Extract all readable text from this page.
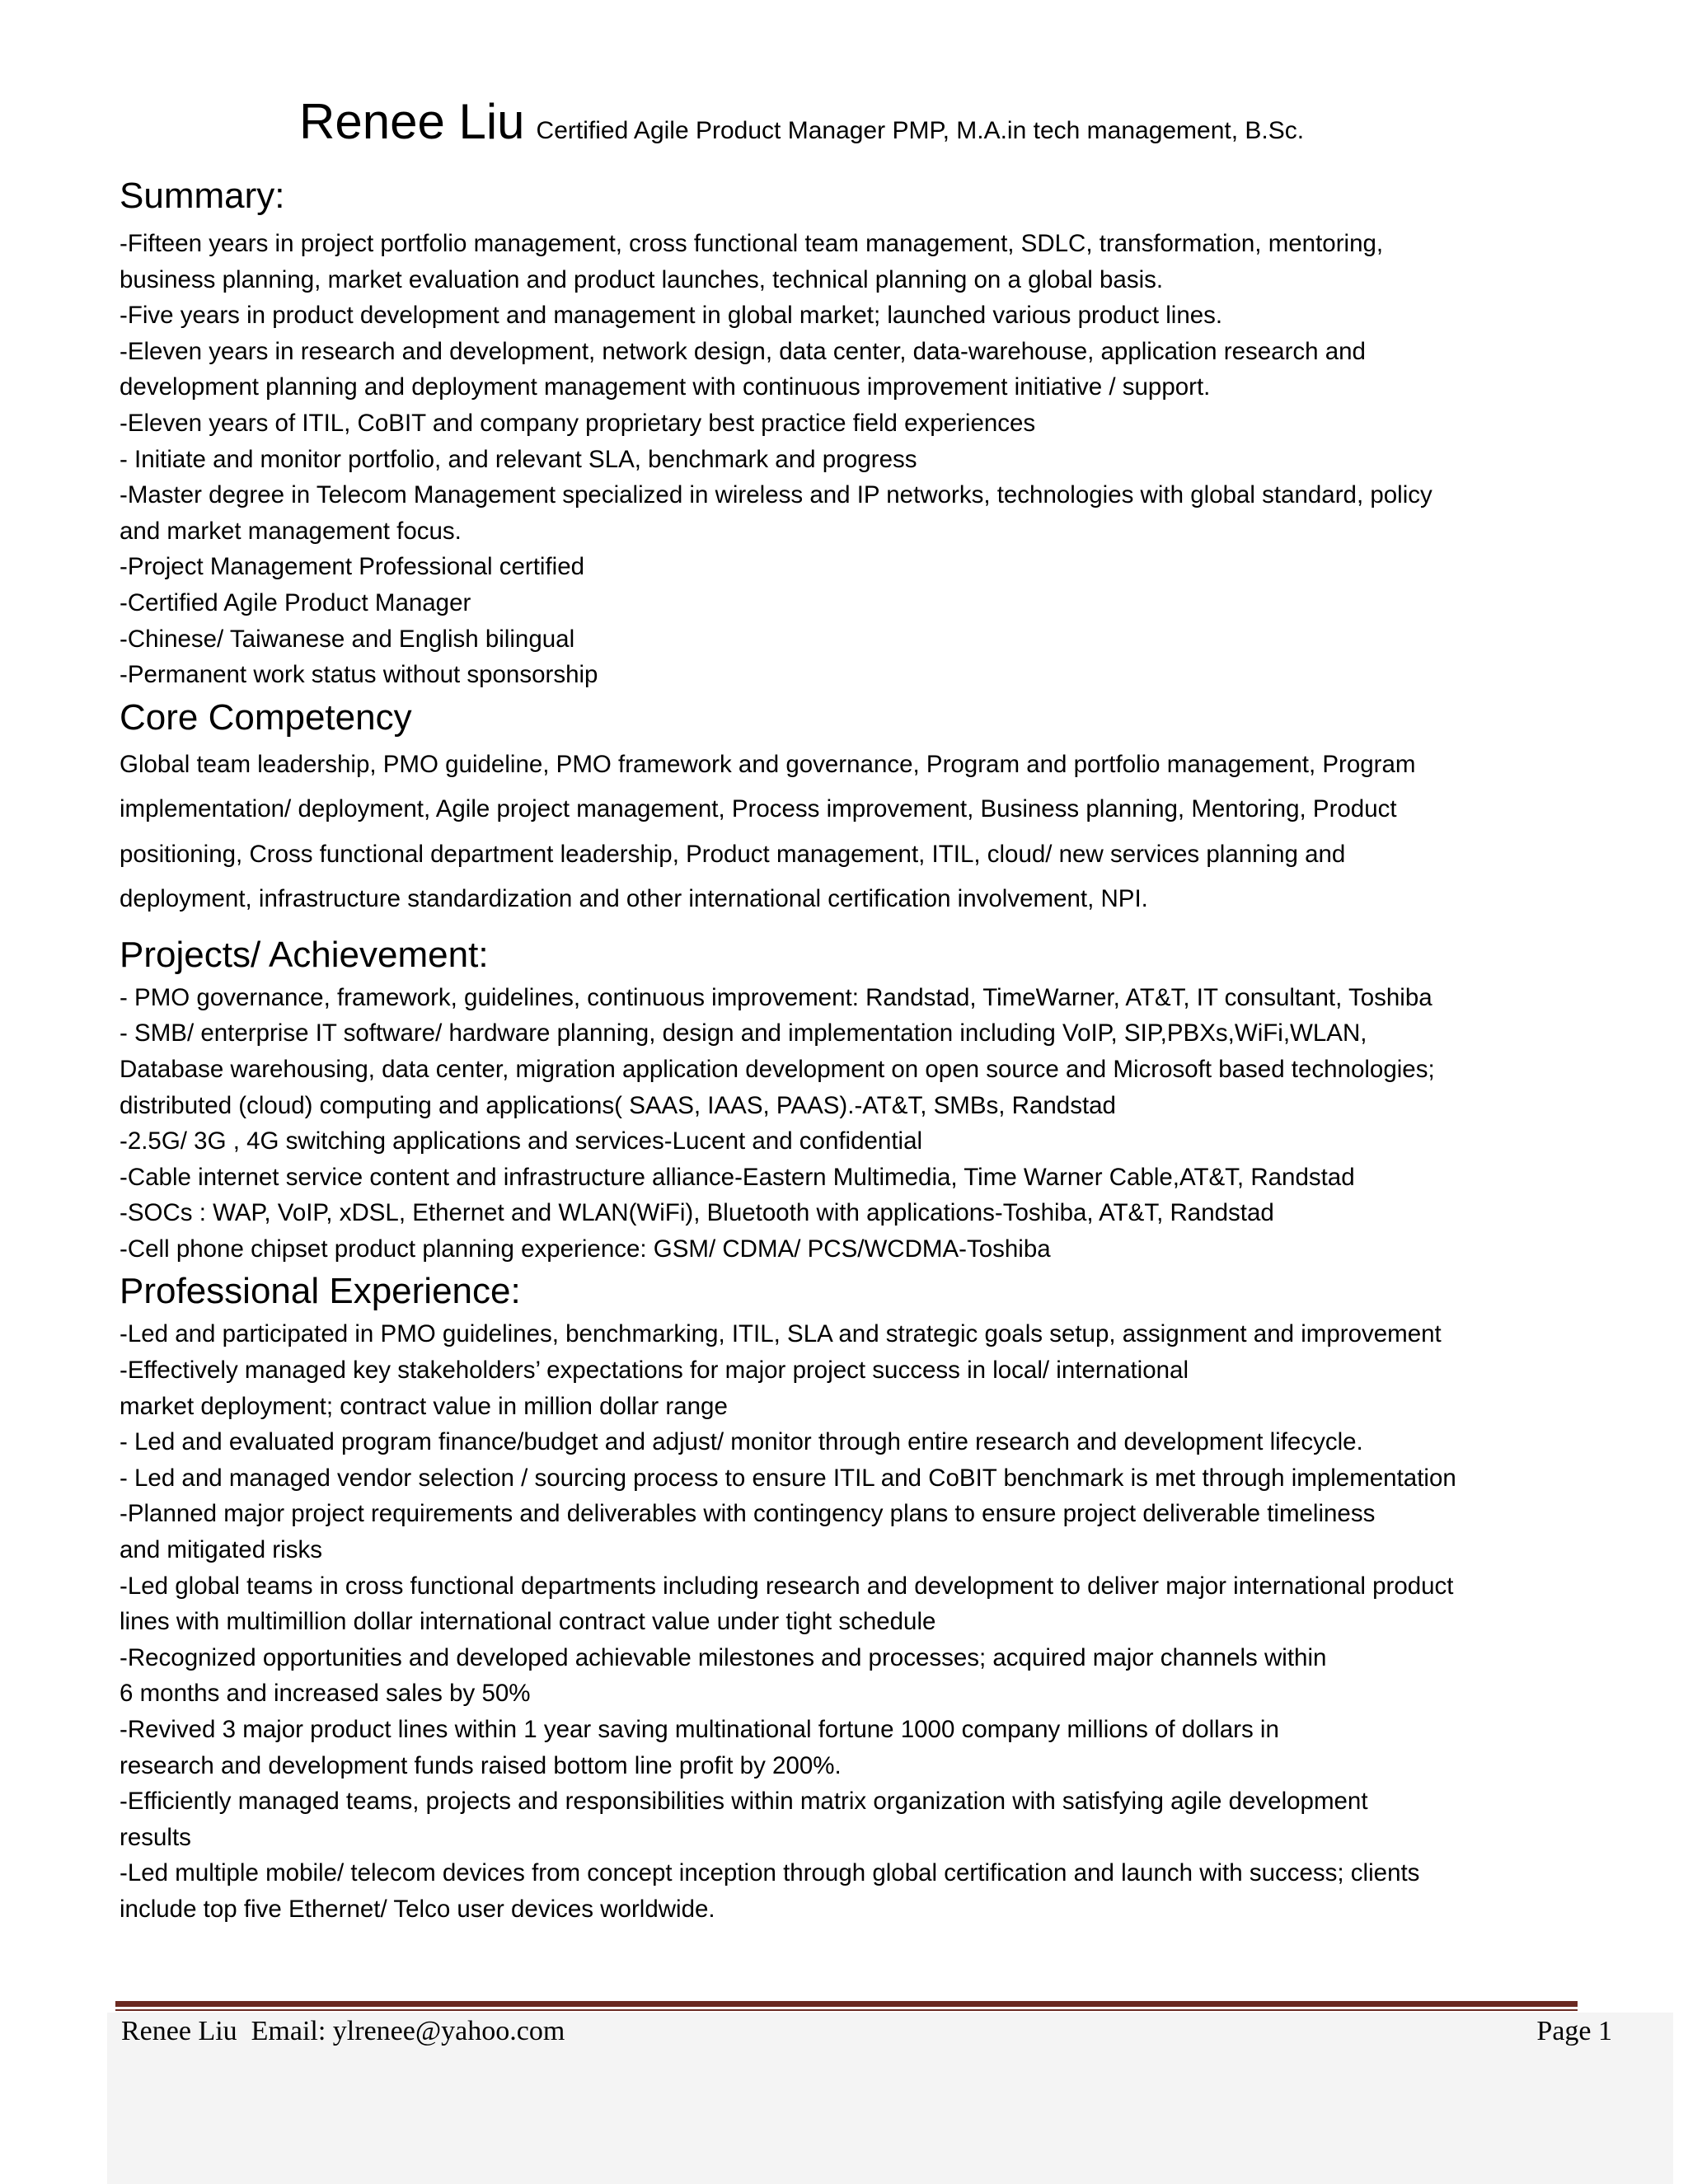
Renee Liu Certified Agile Product Manager PMP, M.A.in tech management, B.Sc.

Summary:

-Fifteen years in project portfolio management, cross functional team management, SDLC, transformation, mentoring,

business planning, market evaluation and product launches, technical planning on a global basis.

-Five years in product development and management in global market; launched various product lines.

-Eleven years in research and development, network design, data center, data-warehouse, application research and

development planning and deployment management with continuous improvement initiative / support.

-Eleven years of ITIL, CoBIT and company proprietary best practice field experiences

- Initiate and monitor portfolio, and relevant SLA, benchmark and progress

-Master degree in Telecom Management specialized in wireless and IP networks, technologies with global standard, policy

and market management focus.

-Project Management Professional certified

-Certified Agile Product Manager

-Chinese/ Taiwanese and English bilingual

-Permanent work status without sponsorship

Core Competency

Global team leadership, PMO guideline, PMO framework and governance, Program and portfolio management, Program

implementation/ deployment, Agile project management, Process improvement, Business planning, Mentoring, Product

positioning, Cross functional department leadership, Product management, ITIL, cloud/ new services planning and

deployment, infrastructure standardization and other international certification involvement, NPI.

Projects/ Achievement:

- PMO governance, framework, guidelines, continuous improvement: Randstad, TimeWarner, AT&T, IT consultant, Toshiba

- SMB/ enterprise IT software/ hardware planning, design and implementation including VoIP, SIP,PBXs,WiFi,WLAN,

Database warehousing, data center, migration application development on open source and Microsoft based technologies;

distributed (cloud) computing and applications( SAAS, IAAS, PAAS).-AT&T, SMBs, Randstad

-2.5G/ 3G , 4G switching applications and services-Lucent and confidential

-Cable internet service content and infrastructure alliance-Eastern Multimedia, Time Warner Cable,AT&T, Randstad

-SOCs : WAP, VoIP, xDSL, Ethernet and WLAN(WiFi), Bluetooth with applications-Toshiba, AT&T, Randstad

-Cell phone chipset product planning experience: GSM/ CDMA/ PCS/WCDMA-Toshiba

Professional Experience:

-Led and participated in PMO guidelines, benchmarking, ITIL, SLA and strategic goals setup, assignment and improvement

-Effectively managed key stakeholders’ expectations for major project success in local/ international

market deployment; contract value in million dollar range

- Led and evaluated program finance/budget and adjust/ monitor through entire research and development lifecycle.

- Led and managed vendor selection / sourcing process to ensure ITIL and CoBIT benchmark is met through implementation

-Planned major project requirements and deliverables with contingency plans to ensure project deliverable timeliness

and mitigated risks

-Led global teams in cross functional departments including research and development to deliver major international product

lines with multimillion dollar international contract value under tight schedule

-Recognized opportunities and developed achievable milestones and processes; acquired major channels within

6 months and increased sales by 50%

-Revived 3 major product lines within 1 year saving multinational fortune 1000 company millions of dollars in

research and development funds raised bottom line profit by 200%.

-Efficiently managed teams, projects and responsibilities within matrix organization with satisfying agile development

results

-Led multiple mobile/ telecom devices from concept inception through global certification and launch with success; clients

include top five Ethernet/ Telco user devices worldwide.

Renee Liu  Email: ylrenee@yahoo.com	Page 1
